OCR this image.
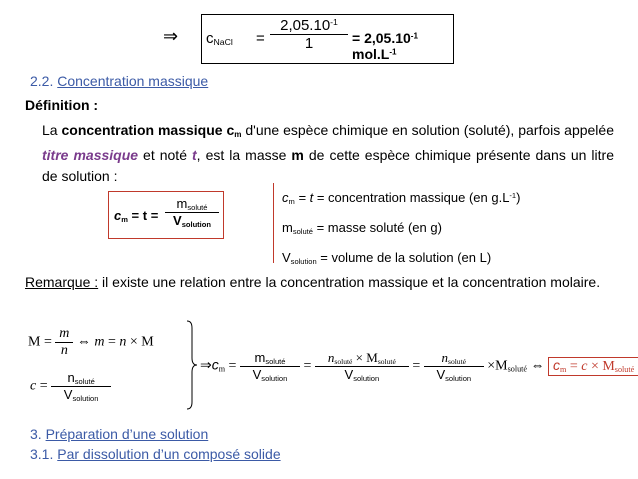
⇒ $c_{NaCl} = \frac{2,05.10^{-1}}{1} = 2,05.10^{-1}$ $mol.L^{-1}$
2.2. Concentration massique
Définition :
La concentration massique $c_m$ d'une espèce chimique en solution (soluté), parfois appelée titre massique et noté t, est la masse m de cette espèce chimique présente dans un litre de solution :
$c_m = t$ =
$m_{soluté}$
$V_{solution}$
$c_m = t$ = concentration massique (en $g.L^{-1}$)
$m_{soluté}$ = masse soluté (en g)
$V_{solution}$ = volume de la solution (en L)
Remarque : il existe une relation entre la concentration massique et la concentration molaire.
$M = \frac{m}{n}$ ⇔ m = n × M
$c = \frac{n_{soluté}}{V_{solution}}$
$\Rightarrow c_m = \frac{m_{soluté}}{V_{solution}} = \frac{n_{soluté} \times M_{soluté}}{V_{solution}} = \frac{n_{soluté}}{V_{solution}} \times M_{soluté}$ ⇔ $c_m = c \times M_{soluté}$
3. Préparation d’une solution
3.1. Par dissolution d’un composé solide
